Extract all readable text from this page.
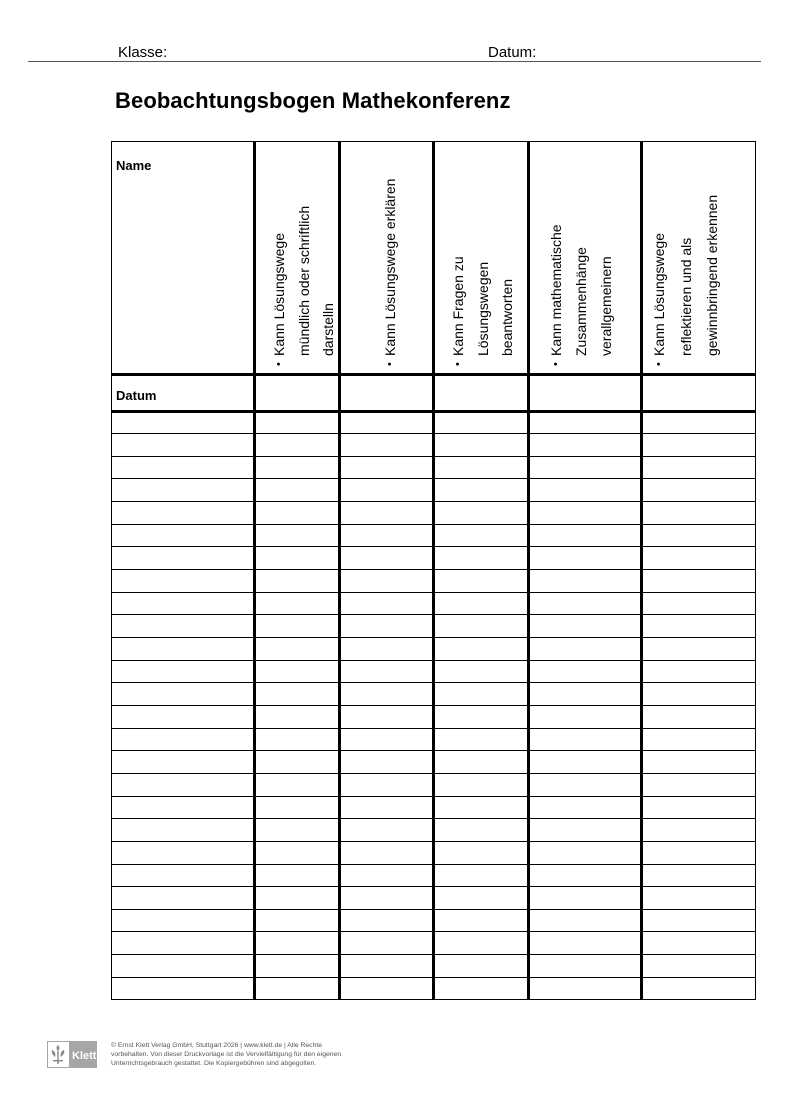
Klasse:	Datum:
Beobachtungsbogen Mathekonferenz
Name
Datum
•
Kann Lösungswege mündlich oder schriftlich darstelln
•
Kann Lösungswege erklären
•
Kann Fragen zu Lösungswegen beantworten
•
Kann mathematische Zusammenhänge verallgemeinern
•
Kann Lösungswege reflektieren und als gewinnbringend erkennen
Klett
© Ernst Klett Verlag GmbH, Stuttgart 2026 | www.klett.de | Alle Rechte
vorbehalten. Von dieser Druckvorlage ist die Vervielfältigung für den eigenen
Unterrichtsgebrauch gestattet. Die Kopiergebühren sind abgegolten.
